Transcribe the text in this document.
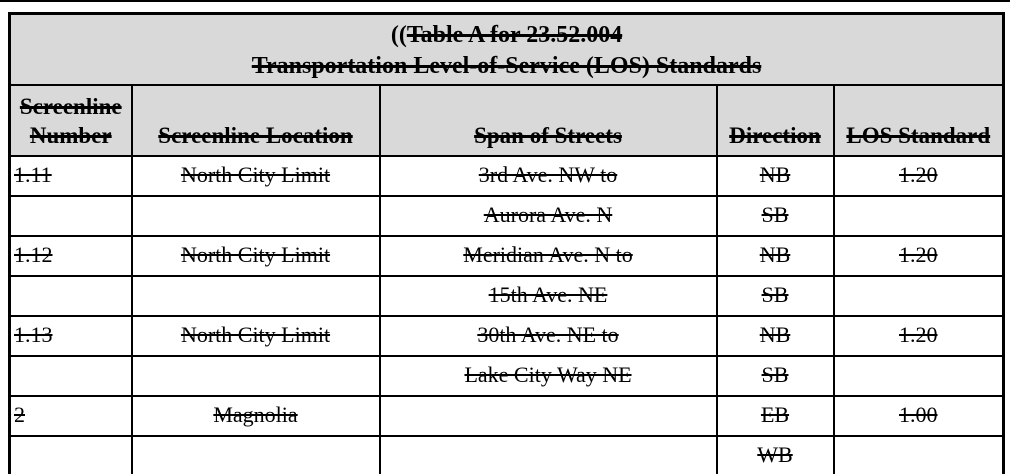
((Table A for 23.52.004
Transportation Level-of-Service (LOS) Standards				

Screenline Number	Screenline Location	Span of Streets	Direction	LOS Standard
1.11	North City Limit	3rd Ave. NW to	NB	1.20
		Aurora Ave. N	SB	
1.12	North City Limit	Meridian Ave. N to	NB	1.20
		15th Ave. NE	SB	
1.13	North City Limit	30th Ave. NE to	NB	1.20
		Lake City Way NE	SB	
2	Magnolia		EB	1.00
			WB	
